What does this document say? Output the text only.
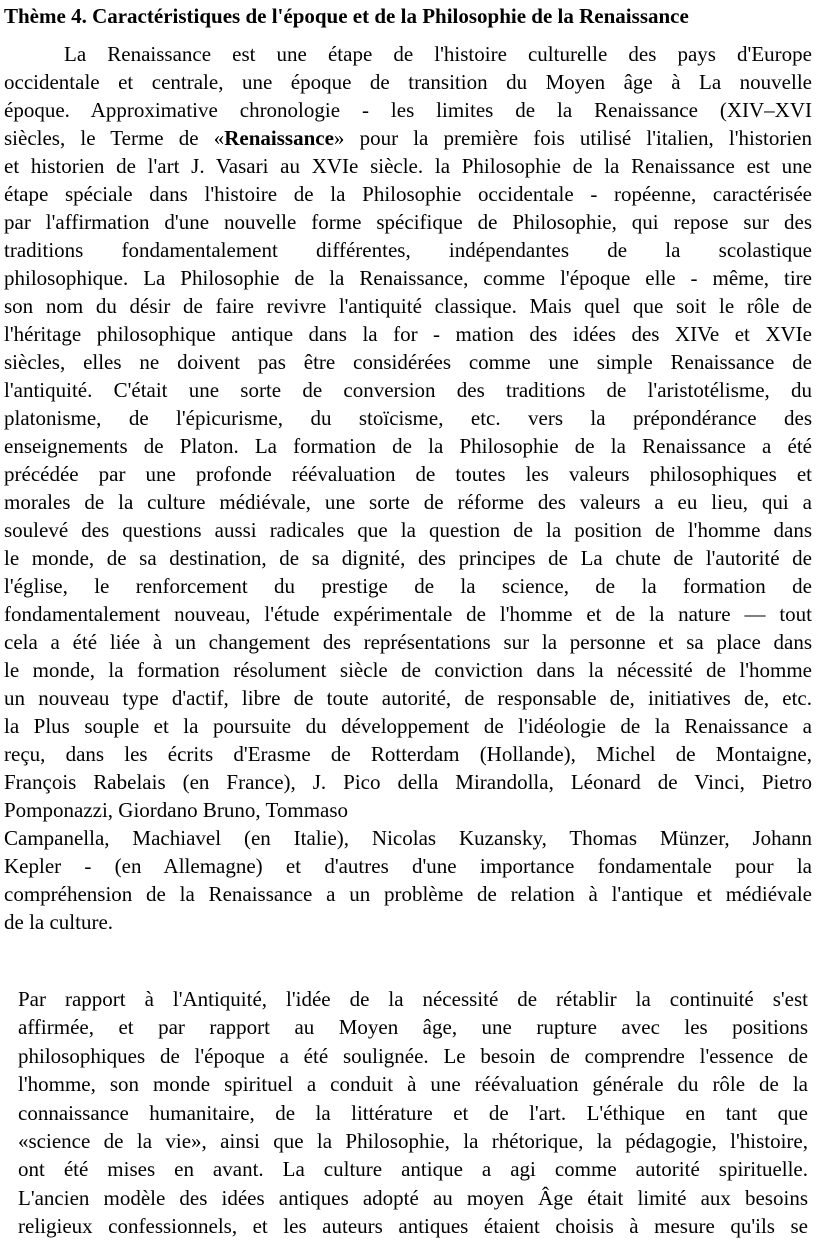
Thème 4. Caractéristiques de l'époque et de la Philosophie de la Renaissance
La Renaissance est une étape de l'histoire culturelle des pays d'Europe
occidentale et centrale, une époque de transition du Moyen âge à La nouvelle
époque. Approximative chronologie - les limites de la Renaissance (XIV–XVI
siècles, le Terme de «Renaissance» pour la première fois utilisé l'italien, l'historien
et historien de l'art J. Vasari au XVIe siècle. la Philosophie de la Renaissance est une
étape spéciale dans l'histoire de la Philosophie occidentale - ropéenne, caractérisée
par l'affirmation d'une nouvelle forme spécifique de Philosophie, qui repose sur des
traditions fondamentalement différentes, indépendantes de la scolastique
philosophique. La Philosophie de la Renaissance, comme l'époque elle - même, tire
son nom du désir de faire revivre l'antiquité classique. Mais quel que soit le rôle de
l'héritage philosophique antique dans la for - mation des idées des XIVe et XVIe
siècles, elles ne doivent pas être considérées comme une simple Renaissance de
l'antiquité. C'était une sorte de conversion des traditions de l'aristotélisme, du
platonisme, de l'épicurisme, du stoïcisme, etc. vers la prépondérance des
enseignements de Platon. La formation de la Philosophie de la Renaissance a été
précédée par une profonde réévaluation de toutes les valeurs philosophiques et
morales de la culture médiévale, une sorte de réforme des valeurs a eu lieu, qui a
soulevé des questions aussi radicales que la question de la position de l'homme dans
le monde, de sa destination, de sa dignité, des principes de La chute de l'autorité de
l'église, le renforcement du prestige de la science, de la formation de
fondamentalement nouveau, l'étude expérimentale de l'homme et de la nature — tout
cela a été liée à un changement des représentations sur la personne et sa place dans
le monde, la formation résolument siècle de conviction dans la nécessité de l'homme
un nouveau type d'actif, libre de toute autorité, de responsable de, initiatives de, etc.
la Plus souple et la poursuite du développement de l'idéologie de la Renaissance a
reçu, dans les écrits d'Erasme de Rotterdam (Hollande), Michel de Montaigne,
François Rabelais (en France), J. Pico della Mirandolla, Léonard de Vinci, Pietro
Pomponazzi, Giordano Bruno, Tommaso
Campanella, Machiavel (en Italie), Nicolas Kuzansky, Thomas Münzer, Johann
Kepler - (en Allemagne) et d'autres d'une importance fondamentale pour la
compréhension de la Renaissance a un problème de relation à l'antique et médiévale
de la culture.
Par rapport à l'Antiquité, l'idée de la nécessité de rétablir la continuité s'est
affirmée, et par rapport au Moyen âge, une rupture avec les positions
philosophiques de l'époque a été soulignée. Le besoin de comprendre l'essence de
l'homme, son monde spirituel a conduit à une réévaluation générale du rôle de la
connaissance humanitaire, de la littérature et de l'art. L'éthique en tant que
«science de la vie», ainsi que la Philosophie, la rhétorique, la pédagogie, l'histoire,
ont été mises en avant. La culture antique a agi comme autorité spirituelle.
L'ancien modèle des idées antiques adopté au moyen Âge était limité aux besoins
religieux confessionnels, et les auteurs antiques étaient choisis à mesure qu'ils se
